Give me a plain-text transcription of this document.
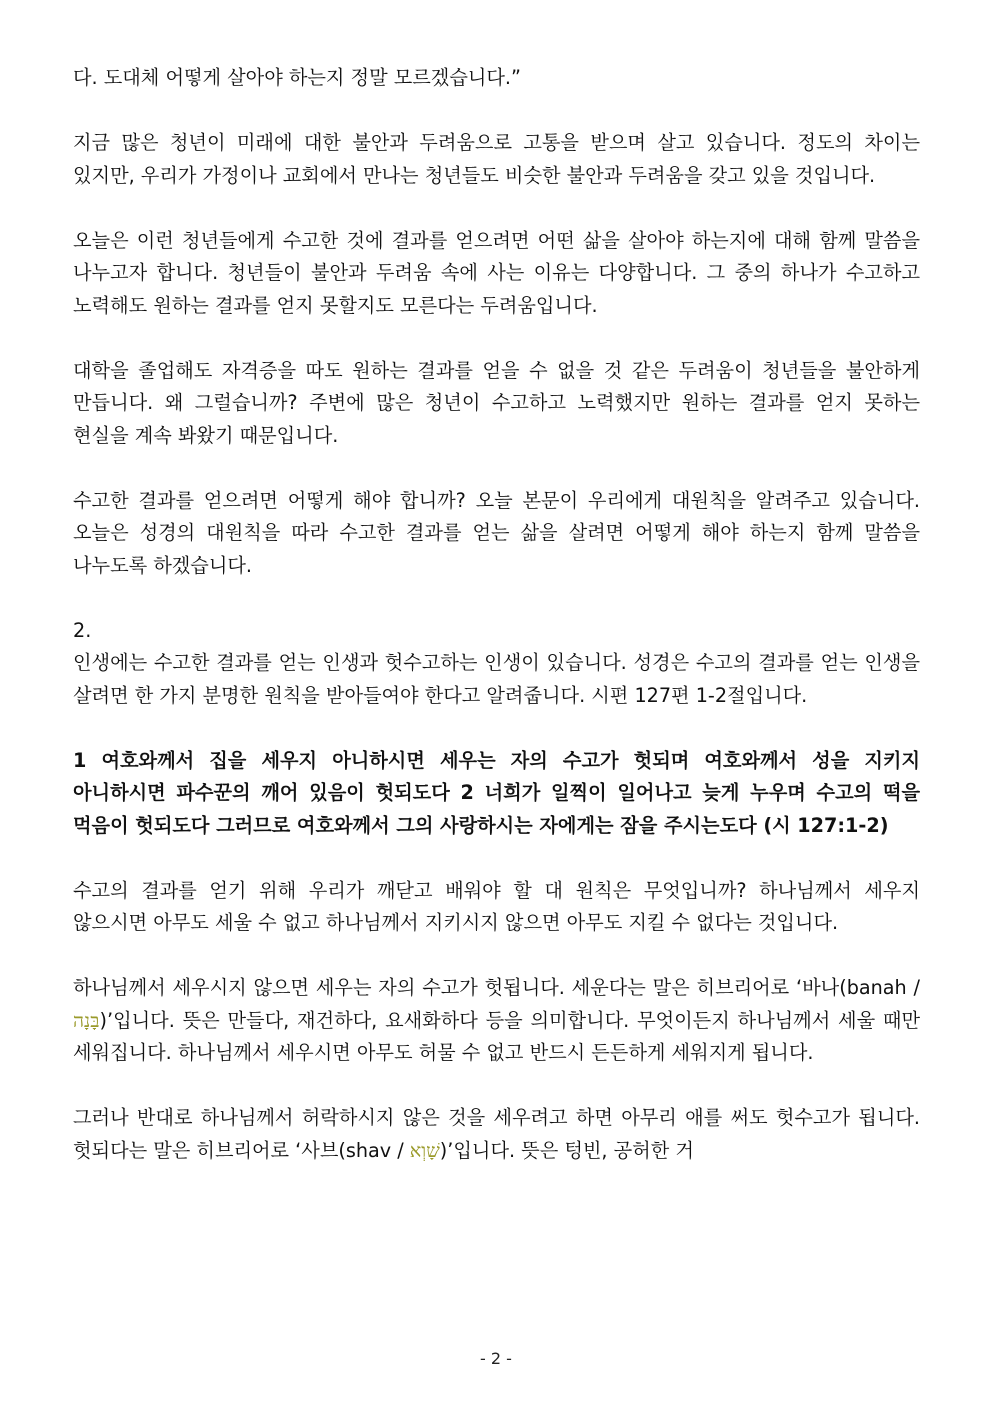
다. 도대체 어떻게 살아야 하는지 정말 모르겠습니다.”

지금 많은 청년이 미래에 대한 불안과 두려움으로 고통을 받으며 살고 있습니다. 정도의 차이는 있지만, 우리가 가정이나 교회에서 만나는 청년들도 비슷한 불안과 두려움을 갖고 있을 것입니다.

오늘은 이런 청년들에게 수고한 것에 결과를 얻으려면 어떤 삶을 살아야 하는지에 대해 함께 말씀을 나누고자 합니다. 청년들이 불안과 두려움 속에 사는 이유는 다양합니다. 그 중의 하나가 수고하고 노력해도 원하는 결과를 얻지 못할지도 모른다는 두려움입니다.

대학을 졸업해도 자격증을 따도 원하는 결과를 얻을 수 없을 것 같은 두려움이 청년들을 불안하게 만듭니다. 왜 그럴습니까? 주변에 많은 청년이 수고하고 노력했지만 원하는 결과를 얻지 못하는 현실을 계속 봐왔기 때문입니다.

수고한 결과를 얻으려면 어떻게 해야 합니까? 오늘 본문이 우리에게 대원칙을 알려주고 있습니다. 오늘은 성경의 대원칙을 따라 수고한 결과를 얻는 삶을 살려면 어떻게 해야 하는지 함께 말씀을 나누도록 하겠습니다.

2.

인생에는 수고한 결과를 얻는 인생과 헛수고하는 인생이 있습니다. 성경은 수고의 결과를 얻는 인생을 살려면 한 가지 분명한 원칙을 받아들여야 한다고 알려줍니다. 시편 127편 1-2절입니다.

1 여호와께서 집을 세우지 아니하시면 세우는 자의 수고가 헛되며 여호와께서 성을 지키지 아니하시면 파수꾼의 깨어 있음이 헛되도다 2 너희가 일찍이 일어나고 늦게 누우며 수고의 떡을 먹음이 헛되도다 그러므로 여호와께서 그의 사랑하시는 자에게는 잠을 주시는도다 (시 127:1-2)

수고의 결과를 얻기 위해 우리가 깨닫고 배워야 할 대 원칙은 무엇입니까? 하나님께서 세우지 않으시면 아무도 세울 수 없고 하나님께서 지키시지 않으면 아무도 지킬 수 없다는 것입니다.

하나님께서 세우시지 않으면 세우는 자의 수고가 헛됩니다. 세운다는 말은 히브리어로 ‘바나(banah / בָּנָה)’입니다. 뜻은 만들다, 재건하다, 요새화하다 등을 의미합니다. 무엇이든지 하나님께서 세울 때만 세워집니다. 하나님께서 세우시면 아무도 허물 수 없고 반드시 든든하게 세워지게 됩니다.

그러나 반대로 하나님께서 허락하시지 않은 것을 세우려고 하면 아무리 애를 써도 헛수고가 됩니다. 헛되다는 말은 히브리어로 ‘사브(shav / שָׁוְא)’입니다. 뜻은 텅빈, 공허한 거

- 2 -
